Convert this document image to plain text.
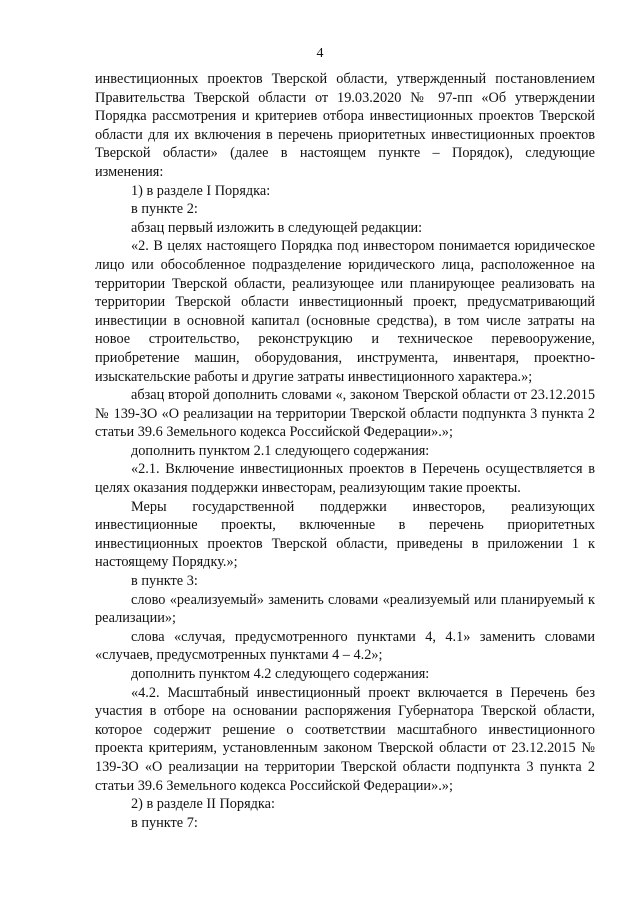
4

инвестиционных проектов Тверской области, утвержденный постановлением Правительства Тверской области от 19.03.2020 № 97-пп «Об утверждении Порядка рассмотрения и критериев отбора инвестиционных проектов Тверской области для их включения в перечень приоритетных инвестиционных проектов Тверской области» (далее в настоящем пункте – Порядок), следующие изменения:

1) в разделе I Порядка:

в пункте 2:

абзац первый изложить в следующей редакции:

«2. В целях настоящего Порядка под инвестором понимается юридическое лицо или обособленное подразделение юридического лица, расположенное на территории Тверской области, реализующее или планирующее реализовать на территории Тверской области инвестиционный проект, предусматривающий инвестиции в основной капитал (основные средства), в том числе затраты на новое строительство, реконструкцию и техническое перевооружение, приобретение машин, оборудования, инструмента, инвентаря, проектно-изыскательские работы и другие затраты инвестиционного характера.»;

абзац второй дополнить словами «, законом Тверской области от 23.12.2015 № 139-ЗО «О реализации на территории Тверской области подпункта 3 пункта 2 статьи 39.6 Земельного кодекса Российской Федерации».»;

дополнить пунктом 2.1 следующего содержания:

«2.1. Включение инвестиционных проектов в Перечень осуществляется в целях оказания поддержки инвесторам, реализующим такие проекты.

Меры государственной поддержки инвесторов, реализующих инвестиционные проекты, включенные в перечень приоритетных инвестиционных проектов Тверской области, приведены в приложении 1 к настоящему Порядку.»;

в пункте 3:

слово «реализуемый» заменить словами «реализуемый или планируемый к реализации»;

слова «случая, предусмотренного пунктами 4, 4.1» заменить словами «случаев, предусмотренных пунктами 4 – 4.2»;

дополнить пунктом 4.2 следующего содержания:

«4.2. Масштабный инвестиционный проект включается в Перечень без участия в отборе на основании распоряжения Губернатора Тверской области, которое содержит решение о соответствии масштабного инвестиционного проекта критериям, установленным законом Тверской области от 23.12.2015 № 139-ЗО «О реализации на территории Тверской области подпункта 3 пункта 2 статьи 39.6 Земельного кодекса Российской Федерации».»;

2) в разделе II Порядка:

в пункте 7:
